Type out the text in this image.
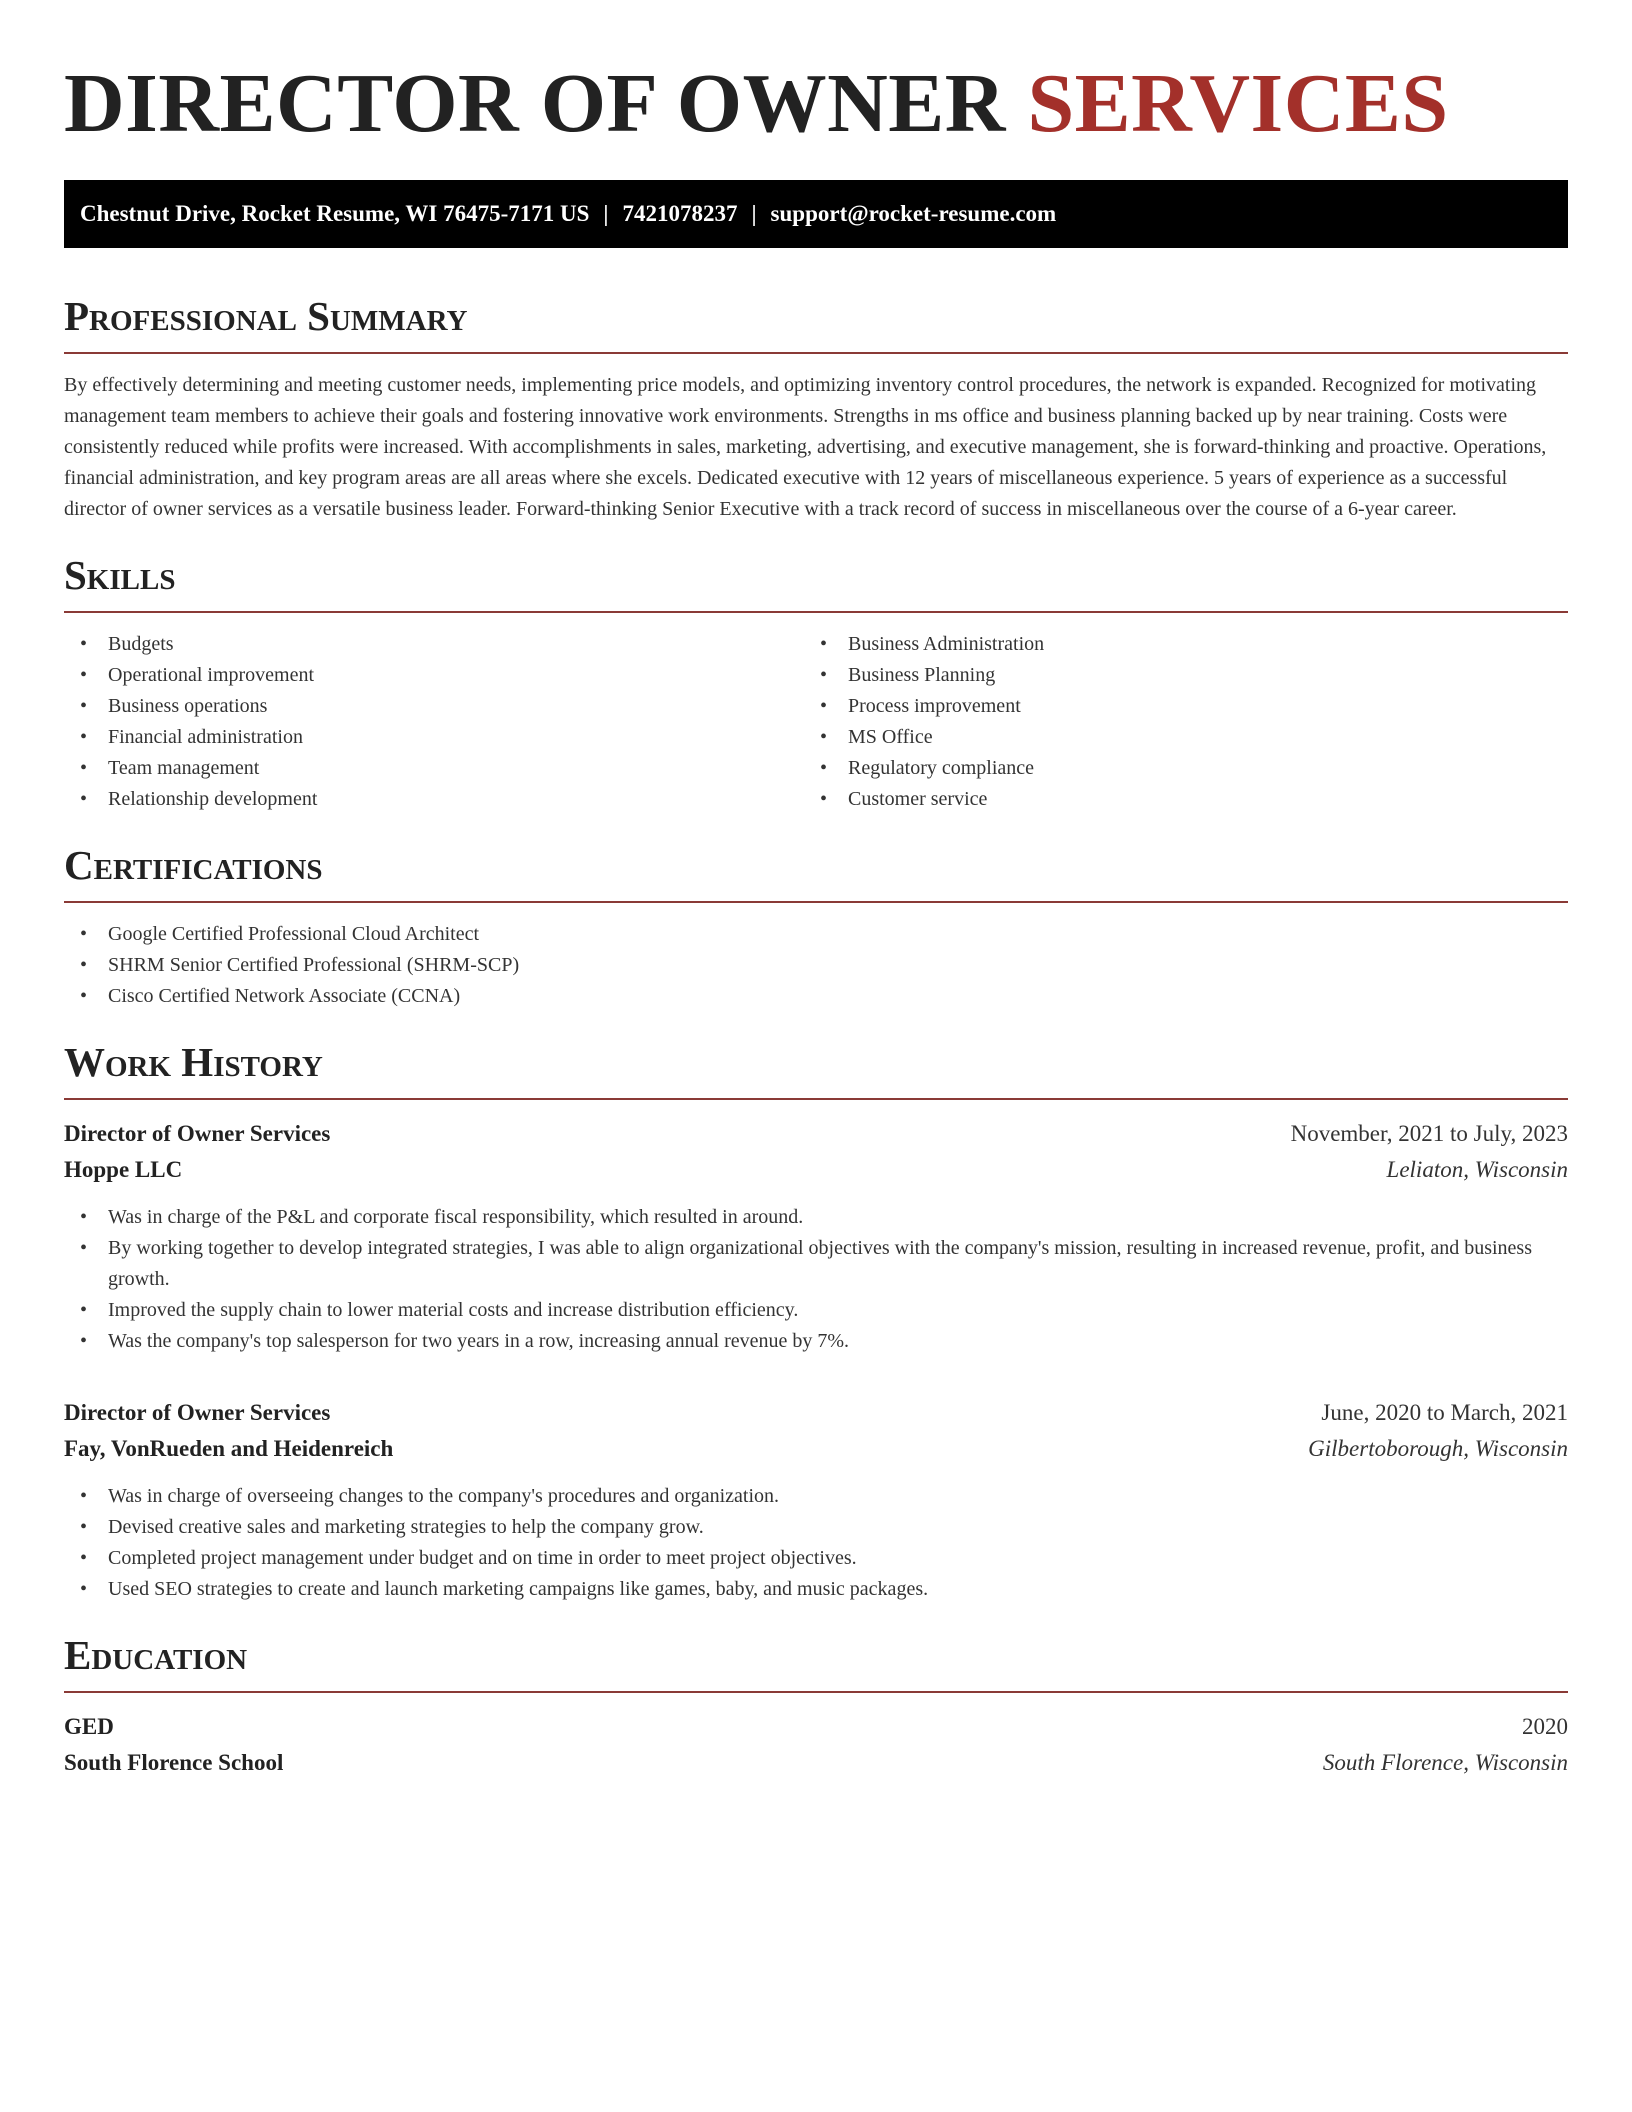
DIRECTOR OF OWNER SERVICES
Chestnut Drive, Rocket Resume, WI 76475-7171 US | 7421078237 | support@rocket-resume.com
Professional Summary

By effectively determining and meeting customer needs, implementing price models, and optimizing inventory control procedures, the network is expanded. Recognized for motivating management team members to achieve their goals and fostering innovative work environments. Strengths in ms office and business planning backed up by near training. Costs were consistently reduced while profits were increased. With accomplishments in sales, marketing, advertising, and executive management, she is forward-thinking and proactive. Operations, financial administration, and key program areas are all areas where she excels. Dedicated executive with 12 years of miscellaneous experience. 5 years of experience as a successful director of owner services as a versatile business leader. Forward-thinking Senior Executive with a track record of success in miscellaneous over the course of a 6-year career.

Skills
• Budgets
• Operational improvement
• Business operations
• Financial administration
• Team management
• Relationship development
• Business Administration
• Business Planning
• Process improvement
• MS Office
• Regulatory compliance
• Customer service
Certifications
• Google Certified Professional Cloud Architect
• SHRM Senior Certified Professional (SHRM-SCP)
• Cisco Certified Network Associate (CCNA)
Work History
Director of Owner Services	November, 2021 to July, 2023
Hoppe LLC	Leliaton, Wisconsin
• Was in charge of the P&L and corporate fiscal responsibility, which resulted in around.
• By working together to develop integrated strategies, I was able to align organizational objectives with the company's mission, resulting in increased revenue, profit, and business growth.
• Improved the supply chain to lower material costs and increase distribution efficiency.
• Was the company's top salesperson for two years in a row, increasing annual revenue by 7%.
Director of Owner Services	June, 2020 to March, 2021
Fay, VonRueden and Heidenreich	Gilbertoborough, Wisconsin
• Was in charge of overseeing changes to the company's procedures and organization.
• Devised creative sales and marketing strategies to help the company grow.
• Completed project management under budget and on time in order to meet project objectives.
• Used SEO strategies to create and launch marketing campaigns like games, baby, and music packages.
Education
GED	2020
South Florence School	South Florence, Wisconsin
